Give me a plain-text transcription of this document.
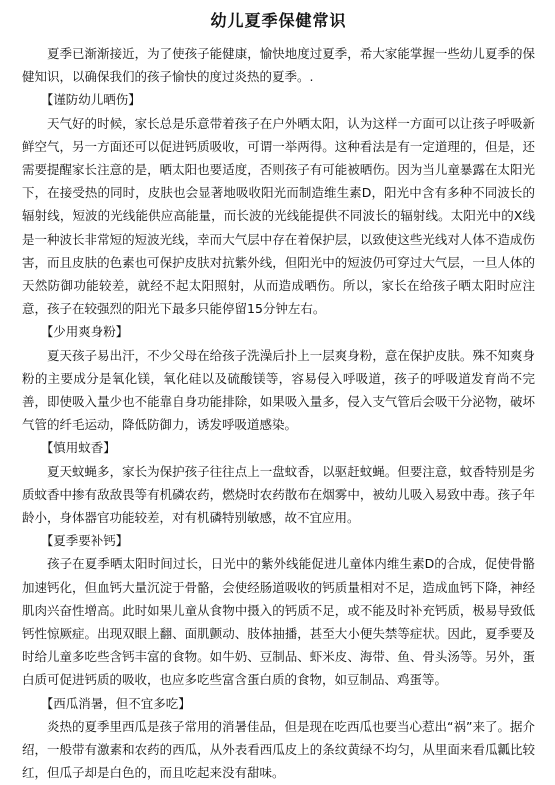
幼儿夏季保健常识

夏季已渐渐接近，为了使孩子能健康，愉快地度过夏季，希大家能掌握一些幼儿夏季的保健知识，以确保我们的孩子愉快的度过炎热的夏季。.

【谨防幼儿晒伤】

天气好的时候，家长总是乐意带着孩子在户外晒太阳，认为这样一方面可以让孩子呼吸新鲜空气，另一方面还可以促进钙质吸收，可谓一举两得。这种看法是有一定道理的，但是，还需要提醒家长注意的是，晒太阳也要适度，否则孩子有可能被晒伤。因为当儿童暴露在太阳光下，在接受热的同时，皮肤也会显著地吸收阳光而制造维生素D，阳光中含有多种不同波长的辐射线，短波的光线能供应高能量，而长波的光线能提供不同波长的辐射线。太阳光中的X线是一种波长非常短的短波光线，幸而大气层中存在着保护层，以致使这些光线对人体不造成伤害，而且皮肤的色素也可保护皮肤对抗紫外线，但阳光中的短波仍可穿过大气层，一旦人体的天然防御功能较差，就经不起太阳照射，从而造成晒伤。所以，家长在给孩子晒太阳时应注意，孩子在较强烈的阳光下最多只能停留15分钟左右。

【少用爽身粉】

夏天孩子易出汗，不少父母在给孩子洗澡后扑上一层爽身粉，意在保护皮肤。殊不知爽身粉的主要成分是氧化镁，氧化硅以及硫酸镁等，容易侵入呼吸道，孩子的呼吸道发育尚不完善，即使吸入量少也不能靠自身功能排除，如果吸入量多，侵入支气管后会吸干分泌物，破坏气管的纤毛运动，降低防御力，诱发呼吸道感染。

【慎用蚊香】

夏天蚊蝇多，家长为保护孩子往往点上一盘蚊香，以驱赶蚊蝇。但要注意，蚊香特别是劣质蚊香中掺有敌敌畏等有机磷农药，燃烧时农药散布在烟雾中，被幼儿吸入易致中毒。孩子年龄小，身体器官功能较差，对有机磷特别敏感，故不宜应用。

【夏季要补钙】

孩子在夏季晒太阳时间过长，日光中的紫外线能促进儿童体内维生素D的合成，促使骨骼加速钙化，但血钙大量沉淀于骨骼，会使经肠道吸收的钙质量相对不足，造成血钙下降，神经肌肉兴奋性增高。此时如果儿童从食物中摄入的钙质不足，或不能及时补充钙质，极易导致低钙性惊厥症。出现双眼上翻、面肌颤动、肢体抽播，甚至大小便失禁等症状。因此，夏季要及时给儿童多吃些含钙丰富的食物。如牛奶、豆制品、虾米皮、海带、鱼、骨头汤等。另外，蛋白质可促进钙质的吸收，也应多吃些富含蛋白质的食物，如豆制品、鸡蛋等。

【西瓜消暑，但不宜多吃】

炎热的夏季里西瓜是孩子常用的消暑佳品，但是现在吃西瓜也要当心惹出“祸”来了。据介绍，一般带有激素和农药的西瓜，从外表看西瓜皮上的条纹黄绿不均匀，从里面来看瓜瓤比较红，但瓜子却是白色的，而且吃起来没有甜味。
